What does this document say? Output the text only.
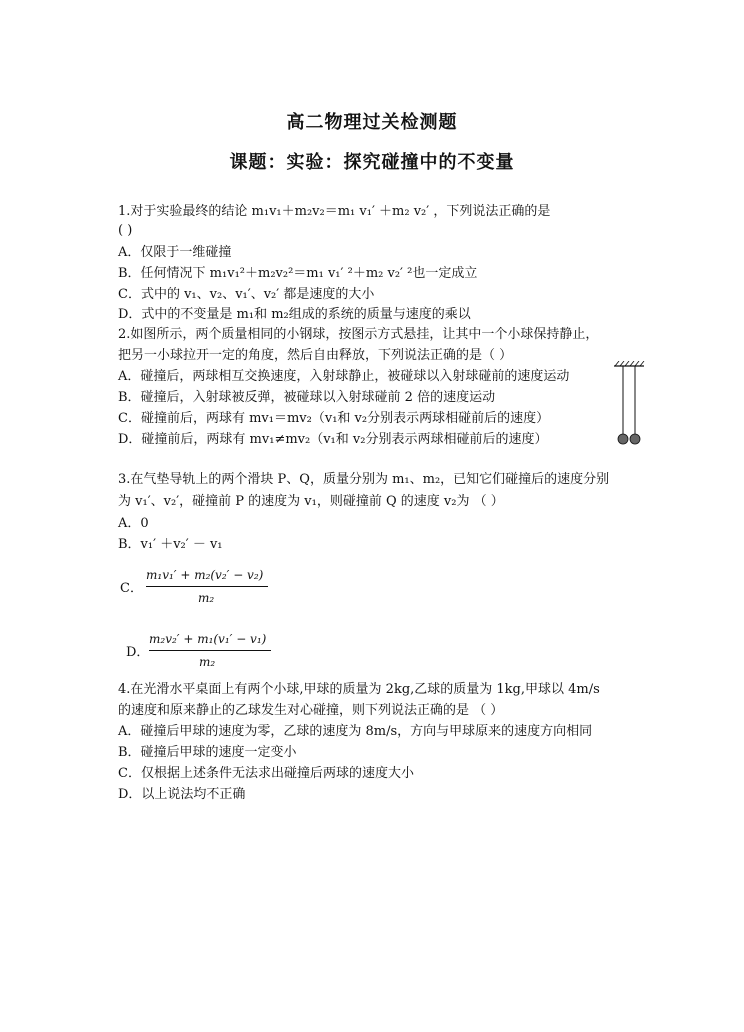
高二物理过关检测题
课题：实验：探究碰撞中的不变量
1.对于实验最终的结论 m₁v₁＋m₂v₂＝m₁ v₁′ ＋m₂ v₂′ ，下列说法正确的是
( )
A．仅限于一维碰撞
B．任何情况下 m₁v₁²＋m₂v₂²＝m₁ v₁′ ²＋m₂ v₂′ ²也一定成立
C．式中的 v₁、v₂、v₁′、v₂′ 都是速度的大小
D．式中的不变量是 m₁和 m₂组成的系统的质量与速度的乘以
2.如图所示，两个质量相同的小钢球，按图示方式悬挂，让其中一个小球保持静止，
把另一小球拉开一定的角度，然后自由释放，下列说法正确的是（ ）
A．碰撞后，两球相互交换速度，入射球静止，被碰球以入射球碰前的速度运动
B．碰撞后，入射球被反弹，被碰球以入射球碰前 2 倍的速度运动
C．碰撞前后，两球有 mv₁＝mv₂（v₁和 v₂分别表示两球相碰前后的速度）
D．碰撞前后，两球有 mv₁≠mv₂（v₁和 v₂分别表示两球相碰前后的速度）
3.在气垫导轨上的两个滑块 P、Q，质量分别为 m₁、m₂，已知它们碰撞后的速度分别
为 v₁′、v₂′，碰撞前 P 的速度为 v₁，则碰撞前 Q 的速度 v₂为 （ ）
A．0
B．v₁′ ＋v₂′ － v₁
C．
m₁v₁′ + m₂(v₂′ − v₂)
m₂
D．
m₂v₂′ + m₁(v₁′ − v₁)
m₂
4.在光滑水平桌面上有两个小球,甲球的质量为 2kg,乙球的质量为 1kg,甲球以 4m/s
的速度和原来静止的乙球发生对心碰撞，则下列说法正确的是 （ ）
A．碰撞后甲球的速度为零，乙球的速度为 8m/s，方向与甲球原来的速度方向相同
B．碰撞后甲球的速度一定变小
C．仅根据上述条件无法求出碰撞后两球的速度大小
D．以上说法均不正确
